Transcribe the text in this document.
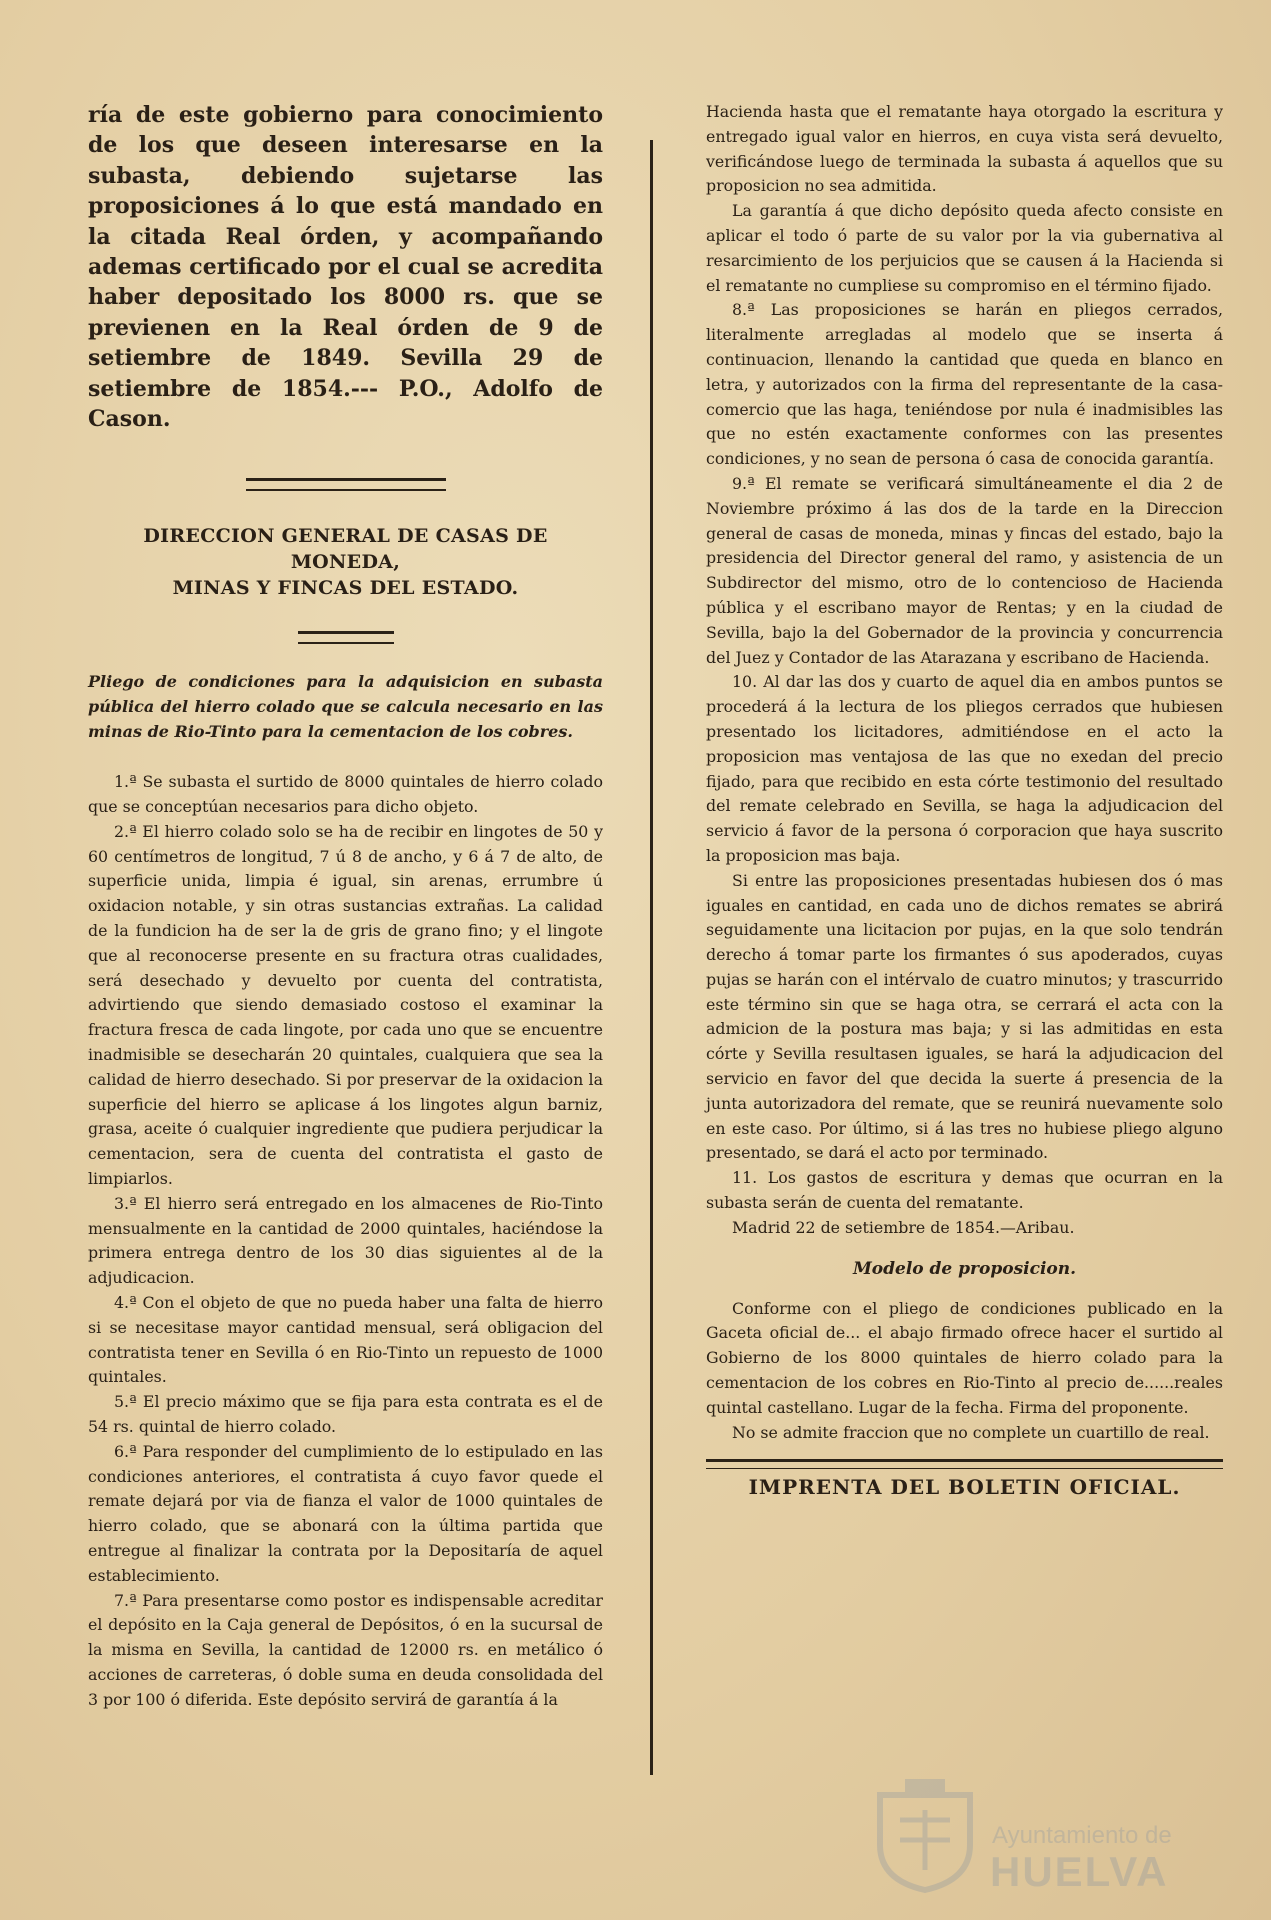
ría de este gobierno para conocimiento de los que deseen interesarse en la subasta, debiendo sujetarse las proposiciones á lo que está mandado en la citada Real órden, y acompañando ademas certificado por el cual se acredita haber depositado los 8000 rs. que se previenen en la Real órden de 9 de setiembre de 1849. Sevilla 29 de setiembre de 1854.--- P.O., Adolfo de Cason.

DIRECCION GENERAL DE CASAS DE MONEDA,

MINAS Y FINCAS DEL ESTADO.

Pliego de condiciones para la adquisicion en subasta pública del hierro colado que se calcula necesario en las minas de Rio-Tinto para la cementacion de los cobres.

1.ª Se subasta el surtido de 8000 quintales de hierro colado que se conceptúan necesarios para dicho objeto.

2.ª El hierro colado solo se ha de recibir en lingotes de 50 y 60 centímetros de longitud, 7 ú 8 de ancho, y 6 á 7 de alto, de superficie unida, limpia é igual, sin arenas, errumbre ú oxidacion notable, y sin otras sustancias extrañas. La calidad de la fundicion ha de ser la de gris de grano fino; y el lingote que al reconocerse presente en su fractura otras cualidades, será desechado y devuelto por cuenta del contratista, advirtiendo que siendo demasiado costoso el examinar la fractura fresca de cada lingote, por cada uno que se encuentre inadmisible se desecharán 20 quintales, cualquiera que sea la calidad de hierro desechado. Si por preservar de la oxidacion la superficie del hierro se aplicase á los lingotes algun barniz, grasa, aceite ó cualquier ingrediente que pudiera perjudicar la cementacion, sera de cuenta del contratista el gasto de limpiarlos.

3.ª El hierro será entregado en los almacenes de Rio-Tinto mensualmente en la cantidad de 2000 quintales, haciéndose la primera entrega dentro de los 30 dias siguientes al de la adjudicacion.

4.ª Con el objeto de que no pueda haber una falta de hierro si se necesitase mayor cantidad mensual, será obligacion del contratista tener en Sevilla ó en Rio-Tinto un repuesto de 1000 quintales.

5.ª El precio máximo que se fija para esta contrata es el de 54 rs. quintal de hierro colado.

6.ª Para responder del cumplimiento de lo estipulado en las condiciones anteriores, el contratista á cuyo favor quede el remate dejará por via de fianza el valor de 1000 quintales de hierro colado, que se abonará con la última partida que entregue al finalizar la contrata por la Depositaría de aquel establecimiento.

7.ª Para presentarse como postor es indispensable acreditar el depósito en la Caja general de Depósitos, ó en la sucursal de la misma en Sevilla, la cantidad de 12000 rs. en metálico ó acciones de carreteras, ó doble suma en deuda consolidada del 3 por 100 ó diferida. Este depósito servirá de garantía á la

Hacienda hasta que el rematante haya otorgado la escritura y entregado igual valor en hierros, en cuya vista será devuelto, verificándose luego de terminada la subasta á aquellos que su proposicion no sea admitida.

La garantía á que dicho depósito queda afecto consiste en aplicar el todo ó parte de su valor por la via gubernativa al resarcimiento de los perjuicios que se causen á la Hacienda si el rematante no cumpliese su compromiso en el término fijado.

8.ª Las proposiciones se harán en pliegos cerrados, literalmente arregladas al modelo que se inserta á continuacion, llenando la cantidad que queda en blanco en letra, y autorizados con la firma del representante de la casa-comercio que las haga, teniéndose por nula é inadmisibles las que no estén exactamente conformes con las presentes condiciones, y no sean de persona ó casa de conocida garantía.

9.ª El remate se verificará simultáneamente el dia 2 de Noviembre próximo á las dos de la tarde en la Direccion general de casas de moneda, minas y fincas del estado, bajo la presidencia del Director general del ramo, y asistencia de un Subdirector del mismo, otro de lo contencioso de Hacienda pública y el escribano mayor de Rentas; y en la ciudad de Sevilla, bajo la del Gobernador de la provincia y concurrencia del Juez y Contador de las Atarazana y escribano de Hacienda.

10. Al dar las dos y cuarto de aquel dia en ambos puntos se procederá á la lectura de los pliegos cerrados que hubiesen presentado los licitadores, admitiéndose en el acto la proposicion mas ventajosa de las que no exedan del precio fijado, para que recibido en esta córte testimonio del resultado del remate celebrado en Sevilla, se haga la adjudicacion del servicio á favor de la persona ó corporacion que haya suscrito la proposicion mas baja.

Si entre las proposiciones presentadas hubiesen dos ó mas iguales en cantidad, en cada uno de dichos remates se abrirá seguidamente una licitacion por pujas, en la que solo tendrán derecho á tomar parte los firmantes ó sus apoderados, cuyas pujas se harán con el intérvalo de cuatro minutos; y trascurrido este término sin que se haga otra, se cerrará el acta con la admicion de la postura mas baja; y si las admitidas en esta córte y Sevilla resultasen iguales, se hará la adjudicacion del servicio en favor del que decida la suerte á presencia de la junta autorizadora del remate, que se reunirá nuevamente solo en este caso. Por último, si á las tres no hubiese pliego alguno presentado, se dará el acto por terminado.

11. Los gastos de escritura y demas que ocurran en la subasta serán de cuenta del rematante.

Madrid 22 de setiembre de 1854.—Aribau.

Modelo de proposicion.

Conforme con el pliego de condiciones publicado en la Gaceta oficial de... el abajo firmado ofrece hacer el surtido al Gobierno de los 8000 quintales de hierro colado para la cementacion de los cobres en Rio-Tinto al precio de......reales quintal castellano. Lugar de la fecha. Firma del proponente.

No se admite fraccion que no complete un cuartillo de real.

IMPRENTA DEL BOLETIN OFICIAL.

Ayuntamiento de
HUELVA
